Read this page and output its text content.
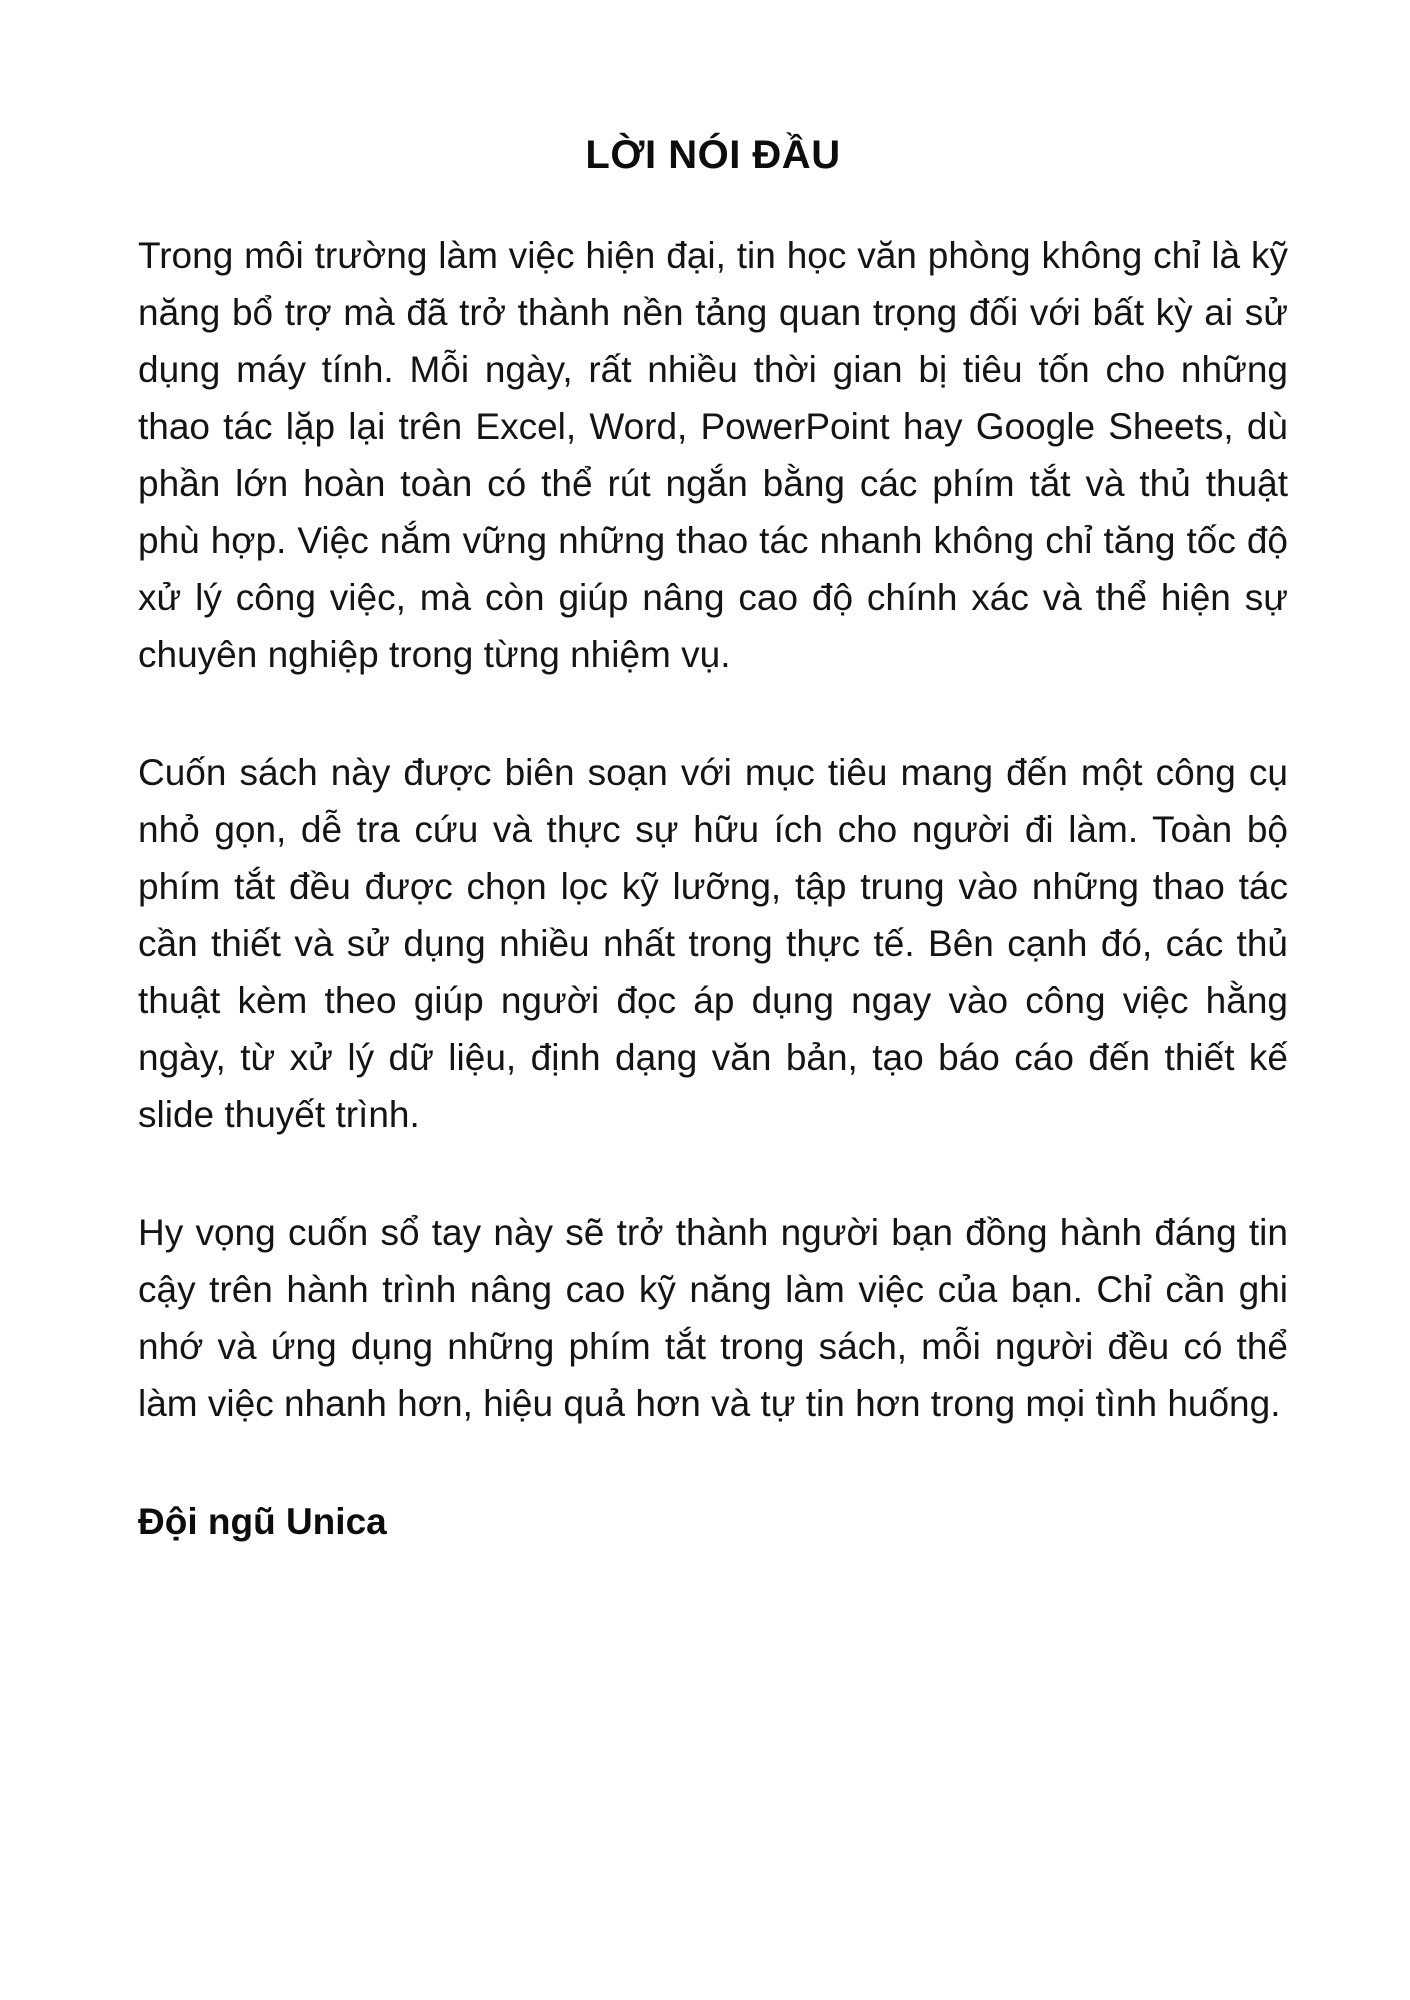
LỜI NÓI ĐẦU

Trong môi trường làm việc hiện đại, tin học văn phòng không chỉ là kỹ năng bổ trợ mà đã trở thành nền tảng quan trọng đối với bất kỳ ai sử dụng máy tính. Mỗi ngày, rất nhiều thời gian bị tiêu tốn cho những thao tác lặp lại trên Excel, Word, PowerPoint hay Google Sheets, dù phần lớn hoàn toàn có thể rút ngắn bằng các phím tắt và thủ thuật phù hợp. Việc nắm vững những thao tác nhanh không chỉ tăng tốc độ xử lý công việc, mà còn giúp nâng cao độ chính xác và thể hiện sự chuyên nghiệp trong từng nhiệm vụ.

Cuốn sách này được biên soạn với mục tiêu mang đến một công cụ nhỏ gọn, dễ tra cứu và thực sự hữu ích cho người đi làm. Toàn bộ phím tắt đều được chọn lọc kỹ lưỡng, tập trung vào những thao tác cần thiết và sử dụng nhiều nhất trong thực tế. Bên cạnh đó, các thủ thuật kèm theo giúp người đọc áp dụng ngay vào công việc hằng ngày, từ xử lý dữ liệu, định dạng văn bản, tạo báo cáo đến thiết kế slide thuyết trình.

Hy vọng cuốn sổ tay này sẽ trở thành người bạn đồng hành đáng tin cậy trên hành trình nâng cao kỹ năng làm việc của bạn. Chỉ cần ghi nhớ và ứng dụng những phím tắt trong sách, mỗi người đều có thể làm việc nhanh hơn, hiệu quả hơn và tự tin hơn trong mọi tình huống.

Đội ngũ Unica
